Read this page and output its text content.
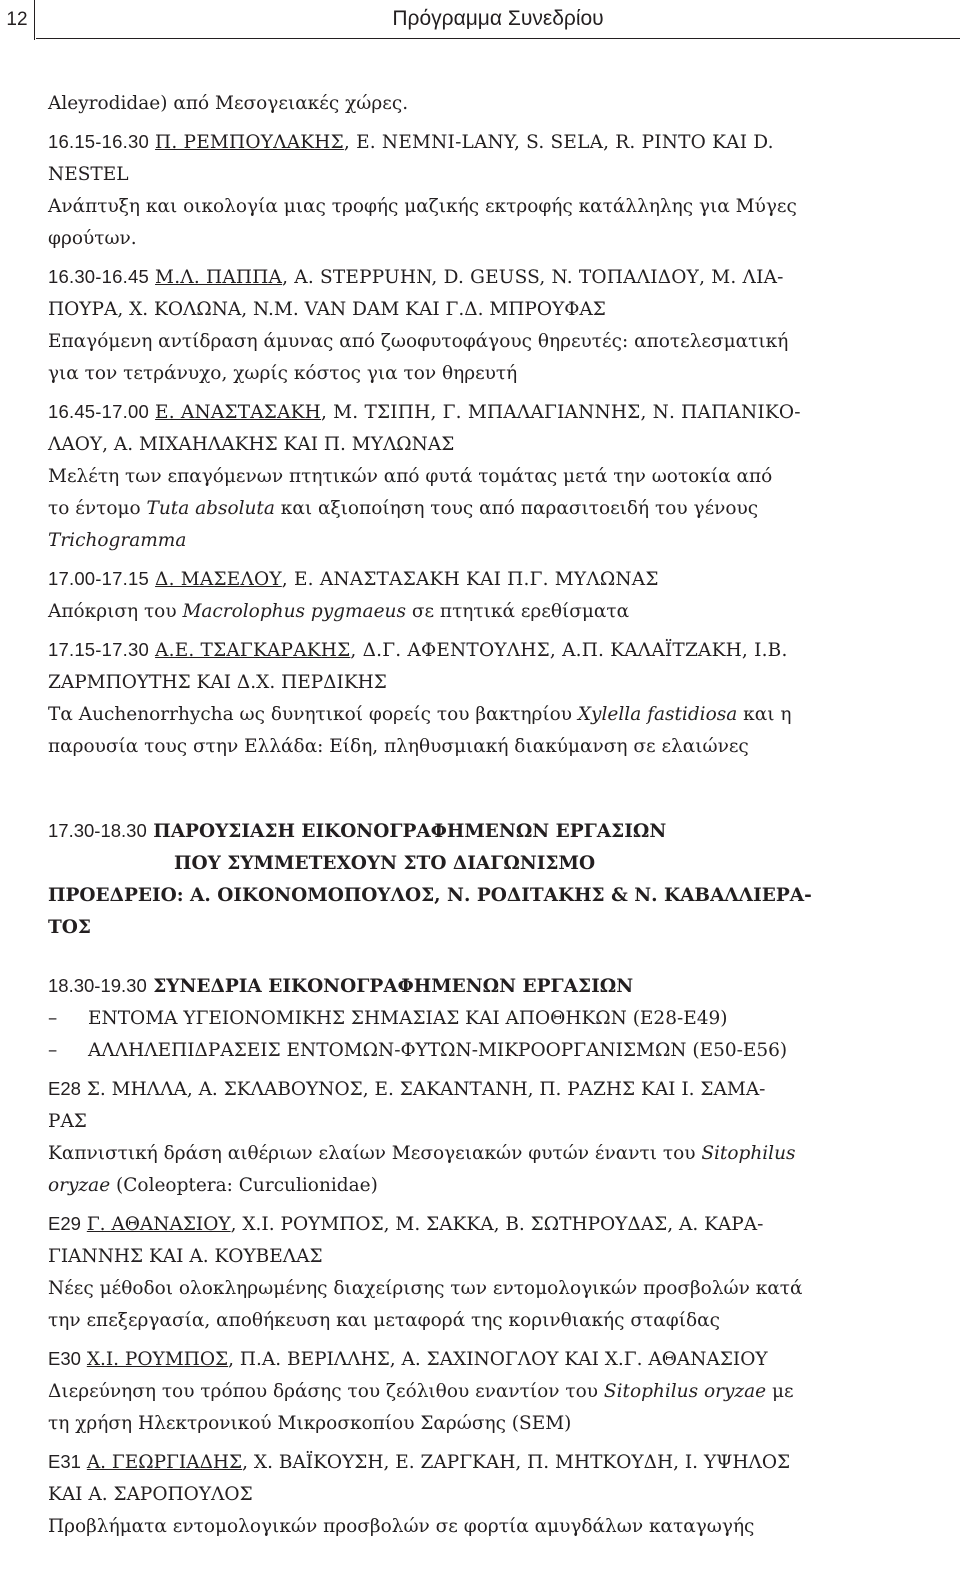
12	Πρόγραμμα Συνεδρίου

Aleyrodidae) από Μεσογειακές χώρες.

16.15-16.30 Π. ΡΕΜΠΟΥΛΑΚΗΣ, Ε. NEMNI-LANY, S. SELA, R. PINTO ΚΑΙ D.

NESTEL

Ανάπτυξη και οικολογία μιας τροφής μαζικής εκτροφής κατάλληλης για Μύγες

φρούτων.

16.30-16.45 Μ.Λ. ΠΑΠΠΑ, A. STEPPUHN, D. GEUSS, N. ΤΟΠΑΛΙΔΟΥ, Μ. ΛΙΑ-

ΠΟΥΡΑ, Χ. ΚΟΛΩΝΑ, N.M. VAN DAM ΚΑΙ Γ.Δ. ΜΠΡΟΥΦΑΣ

Επαγόμενη αντίδραση άμυνας από ζωοφυτοφάγους θηρευτές: αποτελεσματική

για τον τετράνυχο, χωρίς κόστος για τον θηρευτή

16.45-17.00 Ε. ΑΝΑΣΤΑΣΑΚΗ, Μ. ΤΣΙΠΗ, Γ. ΜΠΑΛΑΓΙΑΝΝΗΣ, Ν. ΠΑΠΑΝΙΚΟ-

ΛΑΟΥ, Α. ΜΙΧΑΗΛΑΚΗΣ ΚΑΙ Π. ΜΥΛΩΝΑΣ

Μελέτη των επαγόμενων πτητικών από φυτά τομάτας μετά την ωοτοκία από

το έντομο Tuta absoluta και αξιοποίηση τους από παρασιτοειδή του γένους

Trichogramma

17.00-17.15 Δ. ΜΑΣΕΛΟΥ, Ε. ΑΝΑΣΤΑΣΑΚΗ ΚΑΙ Π.Γ. ΜΥΛΩΝΑΣ

Απόκριση του Macrolophus pygmaeus σε πτητικά ερεθίσματα

17.15-17.30 Α.Ε. ΤΣΑΓΚΑΡΑΚΗΣ, Δ.Γ. ΑΦΕΝΤΟΥΛΗΣ, Α.Π. ΚΑΛΑΪΤΖΑΚΗ, Ι.Β.

ΖΑΡΜΠΟΥΤΗΣ ΚΑΙ Δ.Χ. ΠΕΡΔΙΚΗΣ

Τα Auchenorrhycha ως δυνητικοί φορείς του βακτηρίου Xylella fastidiosa και η

παρουσία τους στην Ελλάδα: Είδη, πληθυσμιακή διακύμανση σε ελαιώνες

17.30-18.30 ΠΑΡΟΥΣΙΑΣΗ ΕΙΚΟΝΟΓΡΑΦΗΜΕΝΩΝ ΕΡΓΑΣΙΩΝ

ΠΟΥ ΣΥΜΜΕΤΕΧΟΥΝ ΣΤΟ ΔΙΑΓΩΝΙΣΜΟ

ΠΡΟΕΔΡΕΙΟ: Α. ΟΙΚΟΝΟΜΟΠΟΥΛΟΣ, Ν. ΡΟΔΙΤΑΚΗΣ & Ν. ΚΑΒΑΛΛΙΕΡΑ-

ΤΟΣ

18.30-19.30 ΣΥΝΕΔΡΙΑ ΕΙΚΟΝΟΓΡΑΦΗΜΕΝΩΝ ΕΡΓΑΣΙΩΝ

–	ΕΝΤΟΜΑ ΥΓΕΙΟΝΟΜΙΚΗΣ ΣΗΜΑΣΙΑΣ ΚΑΙ ΑΠΟΘΗΚΩΝ (Ε28-Ε49)

–	ΑΛΛΗΛΕΠΙΔΡΑΣΕΙΣ ΕΝΤΟΜΩΝ-ΦΥΤΩΝ-ΜΙΚΡΟΟΡΓΑΝΙΣΜΩΝ (Ε50-Ε56)

Ε28 Σ. ΜΗΛΛΑ, Α. ΣΚΛΑΒΟΥΝΟΣ, Ε. ΣΑΚΑΝΤΑΝΗ, Π. ΡΑΖΗΣ ΚΑΙ Ι. ΣΑΜΑ-

ΡΑΣ

Καπνιστική δράση αιθέριων ελαίων Μεσογειακών φυτών έναντι του Sitophilus

oryzae (Coleoptera: Curculionidae)

Ε29 Γ. ΑΘΑΝΑΣΙΟΥ, Χ.Ι. ΡΟΥΜΠΟΣ, Μ. ΣΑΚΚΑ, Β. ΣΩΤΗΡΟΥΔΑΣ, Α. ΚΑΡΑ-

ΓΙΑΝΝΗΣ ΚΑΙ Α. ΚΟΥΒΕΛΑΣ

Νέες μέθοδοι ολοκληρωμένης διαχείρισης των εντομολογικών προσβολών κατά

την επεξεργασία, αποθήκευση και μεταφορά της κορινθιακής σταφίδας

Ε30 Χ.Ι. ΡΟΥΜΠΟΣ, Π.Α. ΒΕΡΙΛΛΗΣ, Α. ΣΑΧΙΝΟΓΛΟΥ ΚΑΙ Χ.Γ. ΑΘΑΝΑΣΙΟΥ

Διερεύνηση του τρόπου δράσης του ζεόλιθου εναντίον του Sitophilus oryzae με

τη χρήση Ηλεκτρονικού Μικροσκοπίου Σαρώσης (SEM)

Ε31 Α. ΓΕΩΡΓΙΑΔΗΣ, Χ. ΒΑΪΚΟΥΣΗ, Ε. ΖΑΡΓΚΑΗ, Π. ΜΗΤΚΟΥΔΗ, Ι. ΥΨΗΛΟΣ

ΚΑΙ Α. ΣΑΡΟΠΟΥΛΟΣ

Προβλήματα εντομολογικών προσβολών σε φορτία αμυγδάλων καταγωγής
